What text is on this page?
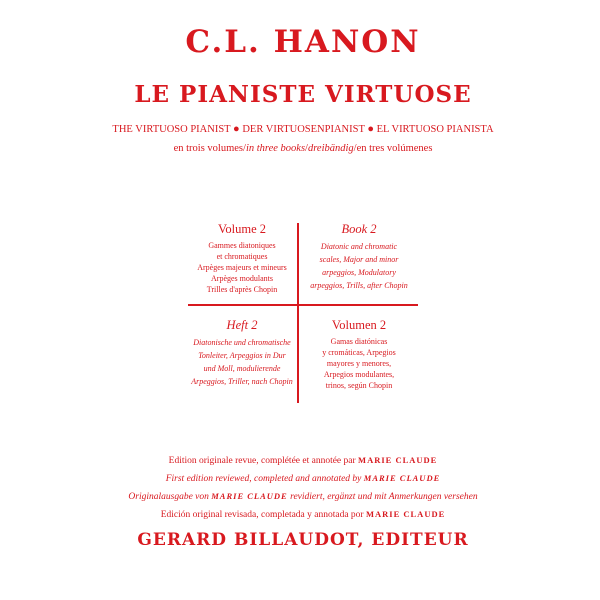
C.L. HANON
LE PIANISTE VIRTUOSE
THE VIRTUOSO PIANIST ● DER VIRTUOSENPIANIST ● EL VIRTUOSO PIANISTA
en trois volumes/in three books/dreibändig/en tres volúmenes
Volume 2
Gammes diatoniques
et chromatiques
Arpèges majeurs et mineurs
Arpèges modulants
Trilles d'après Chopin
Book 2
Diatonic and chromatic
scales, Major and minor
arpeggios, Modulatory
arpeggios, Trills, after Chopin
Heft 2
Diatonische und chromatische
Tonleiter, Arpeggios in Dur
und Moll, modulierende
Arpeggios, Triller, nach Chopin
Volumen 2
Gamas diatónicas
y cromáticas, Arpegios
mayores y menores,
Arpegios modulantes,
trinos, según Chopin
Edition originale revue, complétée et annotée par MARIE CLAUDE
First edition reviewed, completed and annotated by MARIE CLAUDE
Originalausgabe von MARIE CLAUDE revidiert, ergänzt und mit Anmerkungen versehen
Edición original revisada, completada y annotada por MARIE CLAUDE
GERARD BILLAUDOT, EDITEUR
